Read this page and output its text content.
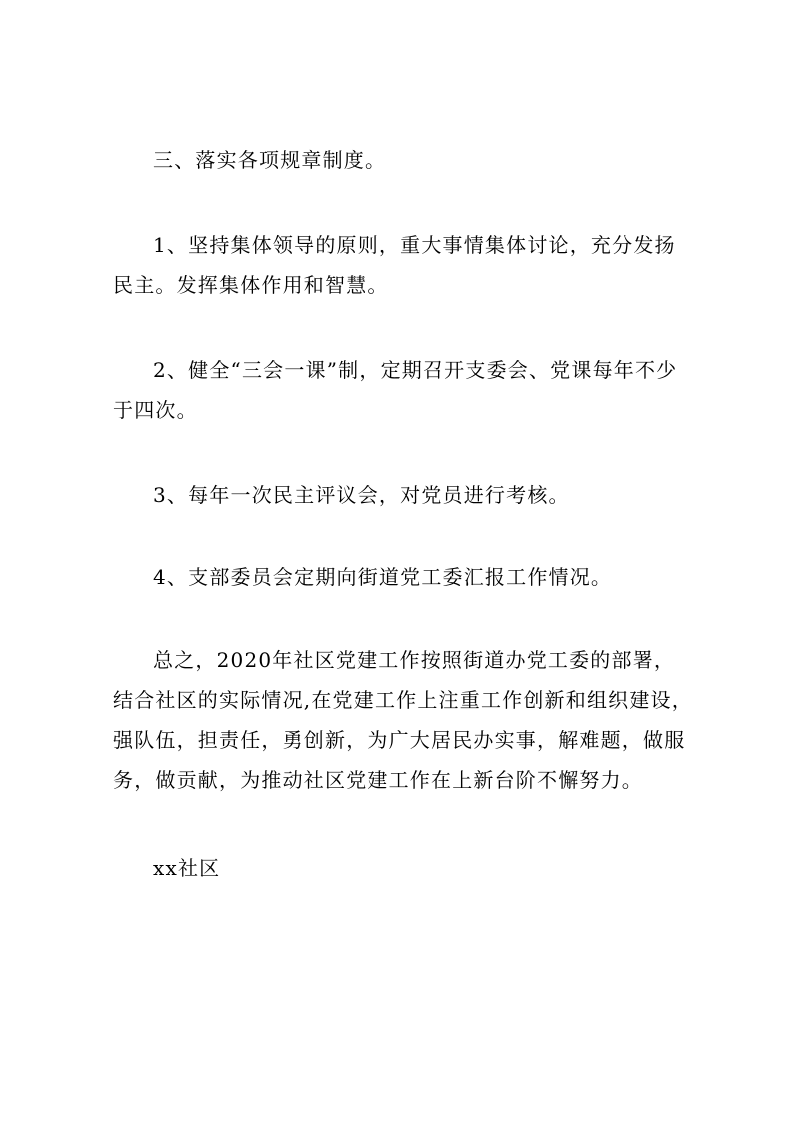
三、落实各项规章制度。

1、坚持集体领导的原则，重大事情集体讨论，充分发扬民主。发挥集体作用和智慧。

2、健全“三会一课”制，定期召开支委会、党课每年不少于四次。

3、每年一次民主评议会，对党员进行考核。

4、支部委员会定期向街道党工委汇报工作情况。

总之，2020年社区党建工作按照街道办党工委的部署，结合社区的实际情况,在党建工作上注重工作创新和组织建设，强队伍，担责任，勇创新，为广大居民办实事，解难题，做服务，做贡献，为推动社区党建工作在上新台阶不懈努力。

xx社区
